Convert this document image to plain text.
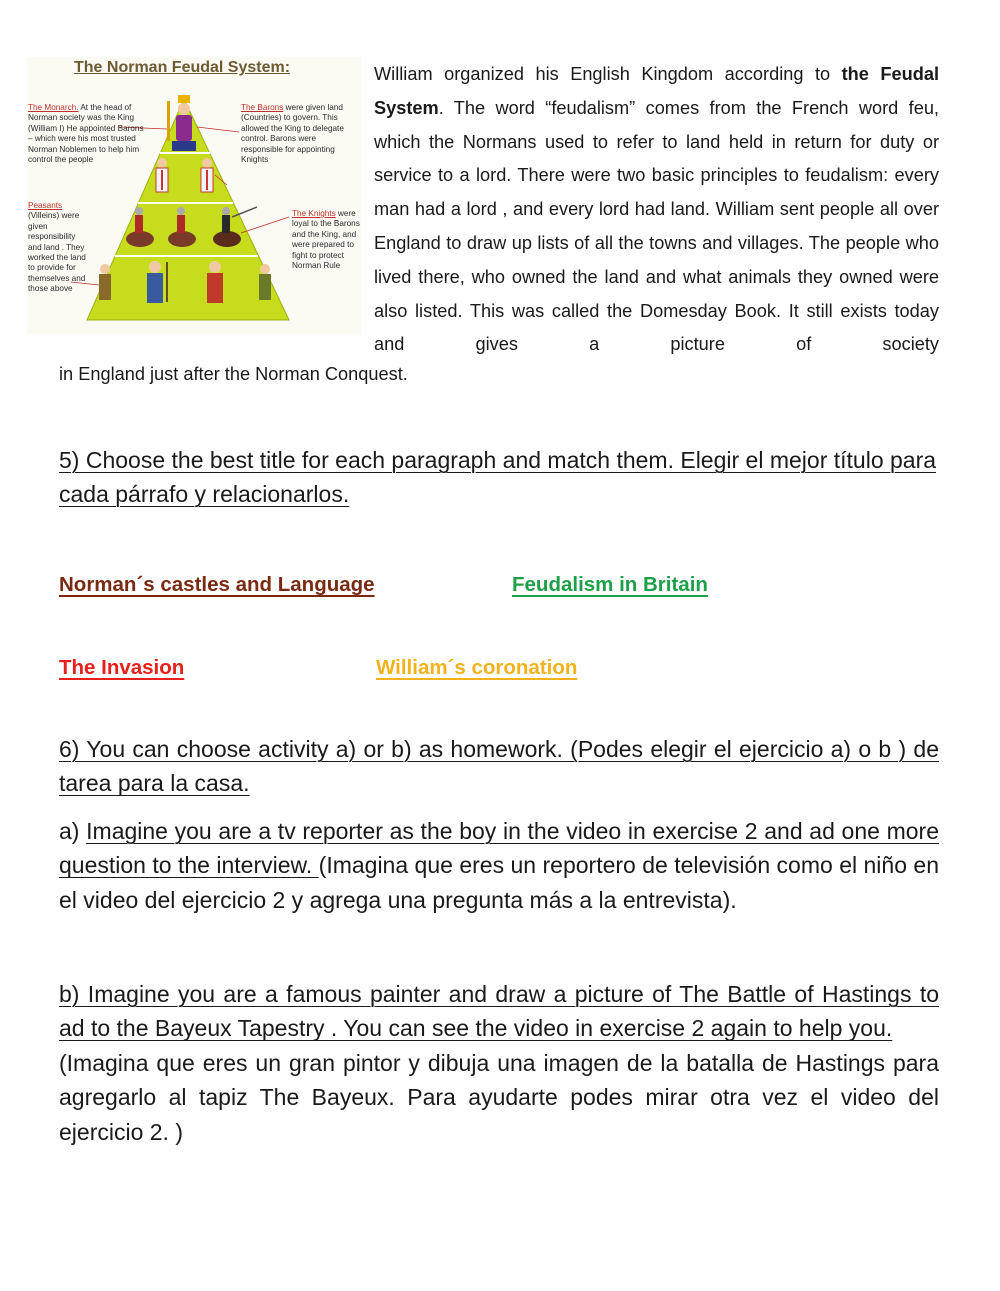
The Norman Feudal System:
The Monarch. At the head of Norman society was the King (William I) He appointed Barons – which were his most trusted Norman Noblemen to help him control the people
The Barons were given land (Countries) to govern. This allowed the King to delegate control. Barons were responsible for appointing Knights
Peasants
(Villeins) were given responsibility and land . They worked the land to provide for themselves and those above
The Knights were loyal to the Barons and the King, and were prepared to fight to protect Norman Rule
William organized his English Kingdom according to the Feudal System. The word “feudalism” comes from the French word feu, which the Normans used to refer to land held in return for duty or service to a lord. There were two basic principles to feudalism: every man had a lord , and every lord had land. William sent people all over England to draw up lists of all the towns and villages. The people who lived there, who owned the land and what animals they owned were also listed. This was called the Domesday Book. It still exists today and gives a picture of society
in England just after the Norman Conquest.
5) Choose the best title for each paragraph and match them. Elegir el mejor título para cada párrafo y relacionarlos.
Norman´s castles and Language	Feudalism in Britain
The Invasion	William´s coronation
6) You can choose activity a) or b) as homework. (Podes elegir el ejercicio a) o b ) de tarea para la casa.
a) Imagine you are a tv reporter as the boy in the video in exercise 2 and ad one more question to the interview. (Imagina que eres un reportero de televisión como el niño en el video del ejercicio 2 y agrega una pregunta más a la entrevista).
b) Imagine you are a famous painter and draw a picture of The Battle of Hastings to ad to the Bayeux Tapestry . You can see the video in exercise 2 again to help you.
(Imagina que eres un gran pintor y dibuja una imagen de la batalla de Hastings para agregarlo al tapiz The Bayeux. Para ayudarte podes mirar otra vez el video del ejercicio 2. )
